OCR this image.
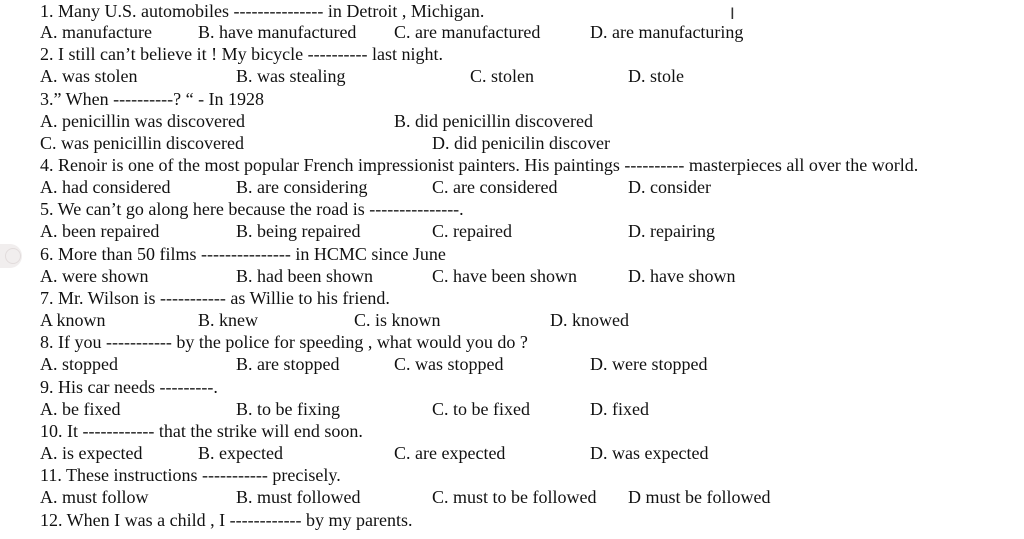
I
1. Many U.S. automobiles --------------- in Detroit , Michigan.
A. manufacture	B. have manufactured C. are manufactured	D. are manufacturing
2. I still can’t believe it ! My bicycle ---------- last night.
A. was stolen	B. was stealing	C. stolen	D. stole
3.” When ----------? “ - In 1928
A. penicillin was discovered	B. did penicillin discovered
C. was penicillin discovered	D. did penicilin discover
4. Renoir is one of the most popular French impressionist painters. His paintings ---------- masterpieces all over the world.
A. had considered	B. are considering	C. are considered	D. consider
5. We can’t go along here because the road is ---------------.
A. been repaired	B. being repaired	C. repaired	D. repairing
6. More than 50 films --------------- in HCMC since June
A. were shown	B. had been shown	C. have been shown	D. have shown
7. Mr. Wilson is ----------- as Willie to his friend.
A known	B. knew	C. is known	D. knowed
8. If you ----------- by the police for speeding , what would you do ?
A. stopped	B. are stopped	C. was stopped	D. were stopped
9. His car needs ---------.
A. be fixed	B. to be fixing	C. to be fixed	D. fixed
10. It ------------ that the strike will end soon.
A. is expected	B. expected	C. are expected	D. was expected
11. These instructions ----------- precisely.
A. must follow	B. must followed	C. must to be followed D must be followed
12. When I was a child , I ------------ by my parents.
